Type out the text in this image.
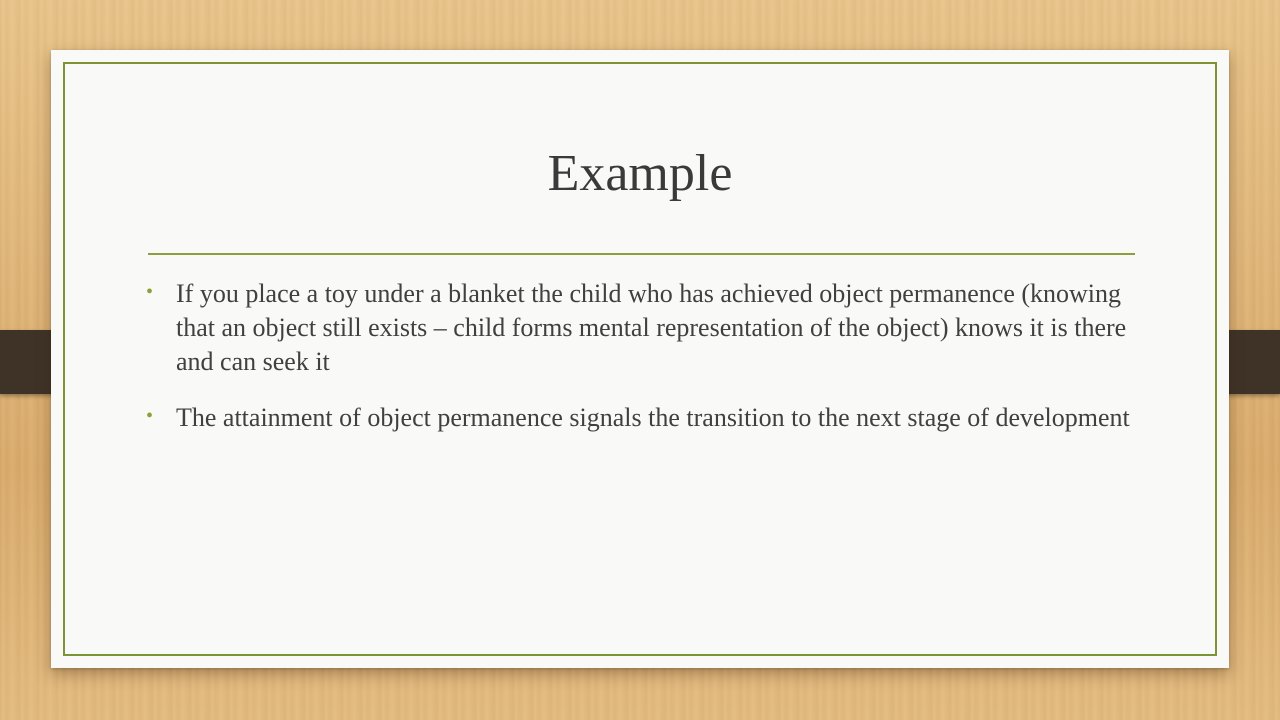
Example
• If you place a toy under a blanket the child who has achieved object permanence (knowing that an object still exists – child forms mental representation of the object) knows it is there and can seek it
• The attainment of object permanence signals the transition to the next stage of development
